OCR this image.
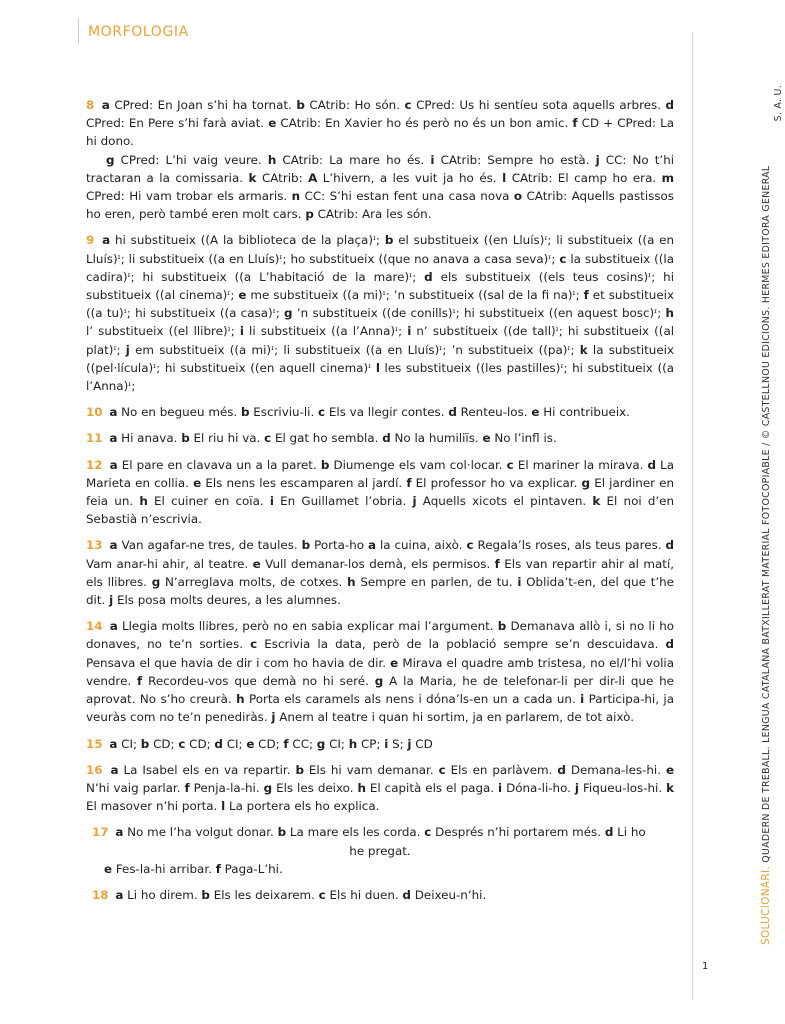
MORFOLOGIA
SOLUCIONARI. QUADERN DE TREBALL. LENGUA CATALANA BATXILLERAT MATERIAL FOTOCOPIABLE / © CASTELLNOU EDICIONS. HERMES EDITORA GENERAL
S. A. U.
1
8 a CPred: En Joan s’hi ha tornat. b CAtrib: Ho són. c CPred: Us hi sentíeu sota aquells arbres. d CPred: En Pere s’hi farà aviat. e CAtrib: En Xavier ho és però no és un bon amic. f CD + CPred: La hi dono.
g CPred: L’hi vaig veure. h CAtrib: La mare ho és. i CAtrib: Sempre ho està. j CC: No t’hi tractaran a la comissaria. k CAtrib: A L’hivern, a les vuit ja ho és. l CAtrib: El camp ho era. m CPred: Hi vam trobar els armaris. n CC: S’hi estan fent una casa nova o CAtrib: Aquells pastissos ho eren, però també eren molt cars. p CAtrib: Ara les són.
9 a hi substitueix ((A la biblioteca de la plaça)ᶦ; b el substitueix ((en Lluís)ᶦ; li substitueix ((a en Lluís)ᶦ; li substitueix ((a en Lluís)ᶦ; ho substitueix ((que no anava a casa seva)ᶦ; c la substitueix ((la cadira)ᶦ; hi substitueix ((a L’habitació de la mare)ᶦ; d els substitueix ((els teus cosins)ᶦ; hi substitueix ((al cinema)ᶦ; e me substitueix ((a mi)ᶦ; ’n substitueix ((sal de la fi na)ᶦ; f et substitueix ((a tu)ᶦ; hi substitueix ((a casa)ᶦ; g ’n substitueix ((de conills)ᶦ; hi substitueix ((en aquest bosc)ᶦ; h l’ substitueix ((el llibre)ᶦ; i li substitueix ((a l’Anna)ᶦ; i n’ substitueix ((de tall)ᶦ; hi substitueix ((al plat)ᶦ; j em substitueix ((a mi)ᶦ; li substitueix ((a en Lluís)ᶦ; ’n substitueix ((pa)ᶦ; k la substitueix ((pel·lícula)ᶦ; hi substitueix ((en aquell cinema)ᶦ l les substitueix ((les pastilles)ᶦ; hi substitueix ((a l’Anna)ᶦ;
10 a No en begueu més. b Escriviu-li. c Els va llegir contes. d Renteu-los. e Hi contribueix.
11 a Hi anava. b El riu hi va. c El gat ho sembla. d No la humiliïs. e No l’infl is.
12 a El pare en clavava un a la paret. b Diumenge els vam col·locar. c El mariner la mirava. d La Marieta en collia. e Els nens les escamparen al jardí. f El professor ho va explicar. g El jardiner en feia un. h El cuiner en coïa. i En Guillamet l’obria. j Aquells xicots el pintaven. k El noi d’en Sebastià n’escrivia.
13 a Van agafar-ne tres, de taules. b Porta-ho a la cuina, això. c Regala’ls roses, als teus pares. d Vam anar-hi ahir, al teatre. e Vull demanar-los demà, els permisos. f Els van repartir ahir al matí, els llibres. g N’arreglava molts, de cotxes. h Sempre en parlen, de tu. i Oblida’t-en, del que t’he dit. j Els posa molts deures, a les alumnes.
14 a Llegia molts llibres, però no en sabia explicar mai l’argument. b Demanava allò i, si no li ho donaves, no te’n sorties. c Escrivia la data, però de la població sempre se’n descuidava. d Pensava el que havia de dir i com ho havia de dir. e Mirava el quadre amb tristesa, no el/l’hi volia vendre. f Recordeu-vos que demà no hi seré. g A la Maria, he de telefonar-li per dir-li que he aprovat. No s’ho creurà. h Porta els caramels als nens i dóna’ls-en un a cada un. i Participa-hi, ja veuràs com no te’n penediràs. j Anem al teatre i quan hi sortim, ja en parlarem, de tot això.
15 a CI; b CD; c CD; d CI; e CD; f CC; g CI; h CP; i S; j CD
16 a La Isabel els en va repartir. b Els hi vam demanar. c Els en parlàvem. d Demana-les-hi. e N’hi vaig parlar. f Penja-la-hi. g Els les deixo. h El capità els el paga. i Dóna-li-ho. j Fiqueu-los-hi. k El masover n’hi porta. l La portera els ho explica.
17 a No me l’ha volgut donar. b La mare els les corda. c Després n’hi portarem més. d Li ho
he pregat.
e Fes-la-hi arribar. f Paga-L’hi.
18 a Li ho direm. b Els les deixarem. c Els hi duen. d Deixeu-n’hi.
